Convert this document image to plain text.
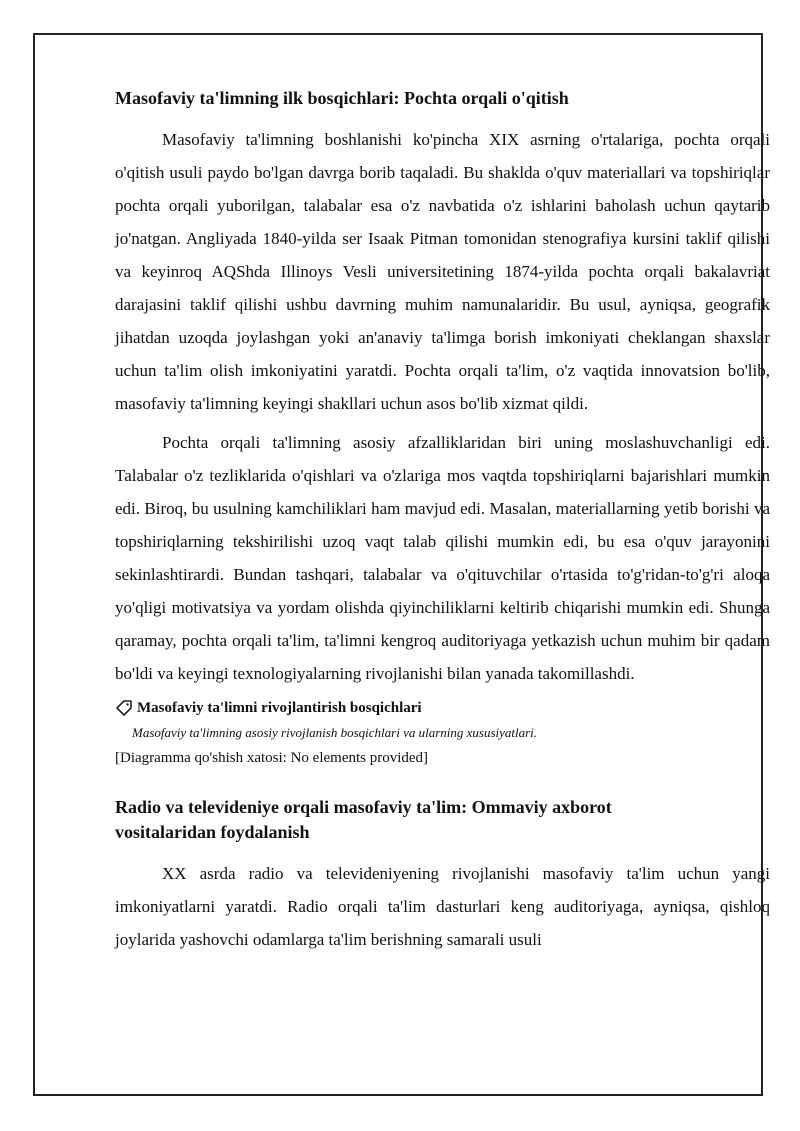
Masofaviy ta'limning ilk bosqichlari: Pochta orqali o'qitish

Masofaviy ta'limning boshlanishi ko'pincha XIX asrning o'rtalariga, pochta orqali o'qitish usuli paydo bo'lgan davrga borib taqaladi. Bu shaklda o'quv materiallari va topshiriqlar pochta orqali yuborilgan, talabalar esa o'z navbatida o'z ishlarini baholash uchun qaytarib jo'natgan. Angliyada 1840-yilda ser Isaak Pitman tomonidan stenografiya kursini taklif qilishi va keyinroq AQShda Illinoys Vesli universitetining 1874-yilda pochta orqali bakalavriat darajasini taklif qilishi ushbu davrning muhim namunalaridir. Bu usul, ayniqsa, geografik jihatdan uzoqda joylashgan yoki an'anaviy ta'limga borish imkoniyati cheklangan shaxslar uchun ta'lim olish imkoniyatini yaratdi. Pochta orqali ta'lim, o'z vaqtida innovatsion bo'lib, masofaviy ta'limning keyingi shakllari uchun asos bo'lib xizmat qildi.

Pochta orqali ta'limning asosiy afzalliklaridan biri uning moslashuvchanligi edi. Talabalar o'z tezliklarida o'qishlari va o'zlariga mos vaqtda topshiriqlarni bajarishlari mumkin edi. Biroq, bu usulning kamchiliklari ham mavjud edi. Masalan, materiallarning yetib borishi va topshiriqlarning tekshirilishi uzoq vaqt talab qilishi mumkin edi, bu esa o'quv jarayonini sekinlashtirardi. Bundan tashqari, talabalar va o'qituvchilar o'rtasida to'g'ridan-to'g'ri aloqa yo'qligi motivatsiya va yordam olishda qiyinchiliklarni keltirib chiqarishi mumkin edi. Shunga qaramay, pochta orqali ta'lim, ta'limni kengroq auditoriyaga yetkazish uchun muhim bir qadam bo'ldi va keyingi texnologiyalarning rivojlanishi bilan yanada takomillashdi.

Masofaviy ta'limni rivojlantirish bosqichlari
Masofaviy ta'limning asosiy rivojlanish bosqichlari va ularning xususiyatlari.
[Diagramma qo'shish xatosi: No elements provided]
Radio va televideniye orqali masofaviy ta'lim: Ommaviy axborot
vositalaridan foydalanish

XX asrda radio va televideniyening rivojlanishi masofaviy ta'lim uchun yangi imkoniyatlarni yaratdi. Radio orqali ta'lim dasturlari keng auditoriyaga, ayniqsa, qishloq joylarida yashovchi odamlarga ta'lim berishning samarali usuli
